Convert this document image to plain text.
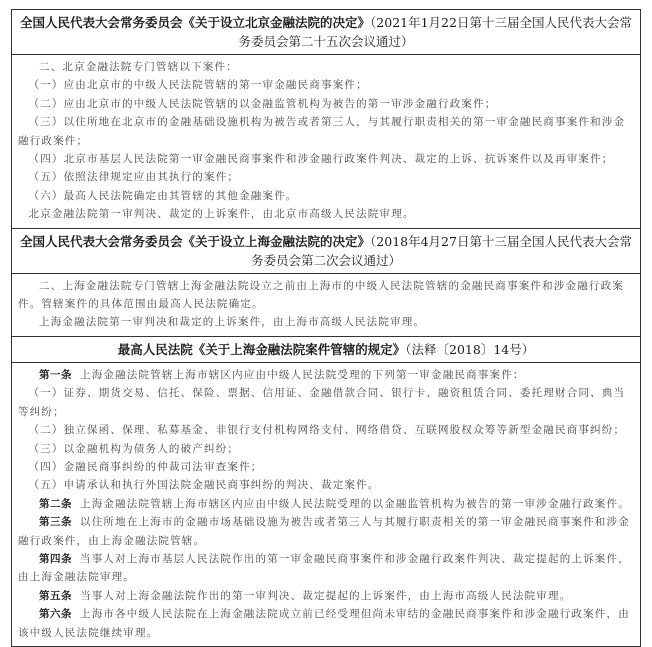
全国人民代表大会常务委员会《关于设立北京金融法院的决定》（2021年1月22日第十三届全国人民代表大会常务委员会第二十五次会议通过）

二、北京金融法院专门管辖以下案件：

（一）应由北京市的中级人民法院管辖的第一审金融民商事案件；

（二）应由北京市的中级人民法院管辖的以金融监管机构为被告的第一审涉金融行政案件；

（三）以住所地在北京市的金融基础设施机构为被告或者第三人，与其履行职责相关的第一审金融民商事案件和涉金融行政案件；

（四）北京市基层人民法院第一审金融民商事案件和涉金融行政案件判决、裁定的上诉、抗诉案件以及再审案件；

（五）依照法律规定应由其执行的案件；

（六）最高人民法院确定由其管辖的其他金融案件。

北京金融法院第一审判决、裁定的上诉案件，由北京市高级人民法院审理。

全国人民代表大会常务委员会《关于设立上海金融法院的决定》（2018年4月27日第十三届全国人民代表大会常务委员会第二次会议通过）

二、上海金融法院专门管辖上海金融法院设立之前由上海市的中级人民法院管辖的金融民商事案件和涉金融行政案件。管辖案件的具体范围由最高人民法院确定。

上海金融法院第一审判决和裁定的上诉案件，由上海市高级人民法院审理。

最高人民法院《关于上海金融法院案件管辖的规定》（法释〔2018〕14号）

第一条 上海金融法院管辖上海市辖区内应由中级人民法院受理的下列第一审金融民商事案件：

（一）证券、期货交易、信托、保险、票据、信用证、金融借款合同、银行卡、融资租赁合同、委托理财合同、典当等纠纷；

（二）独立保函、保理、私募基金、非银行支付机构网络支付、网络借贷、互联网股权众筹等新型金融民商事纠纷；

（三）以金融机构为债务人的破产纠纷；

（四）金融民商事纠纷的仲裁司法审查案件；

（五）申请承认和执行外国法院金融民商事纠纷的判决、裁定案件。

第二条 上海金融法院管辖上海市辖区内应由中级人民法院受理的以金融监管机构为被告的第一审涉金融行政案件。

第三条 以住所地在上海市的金融市场基础设施为被告或者第三人与其履行职责相关的第一审金融民商事案件和涉金融行政案件，由上海金融法院管辖。

第四条 当事人对上海市基层人民法院作出的第一审金融民商事案件和涉金融行政案件判决、裁定提起的上诉案件，由上海金融法院审理。

第五条 当事人对上海金融法院作出的第一审判决、裁定提起的上诉案件，由上海市高级人民法院审理。

第六条 上海市各中级人民法院在上海金融法院成立前已经受理但尚未审结的金融民商事案件和涉金融行政案件，由该中级人民法院继续审理。
